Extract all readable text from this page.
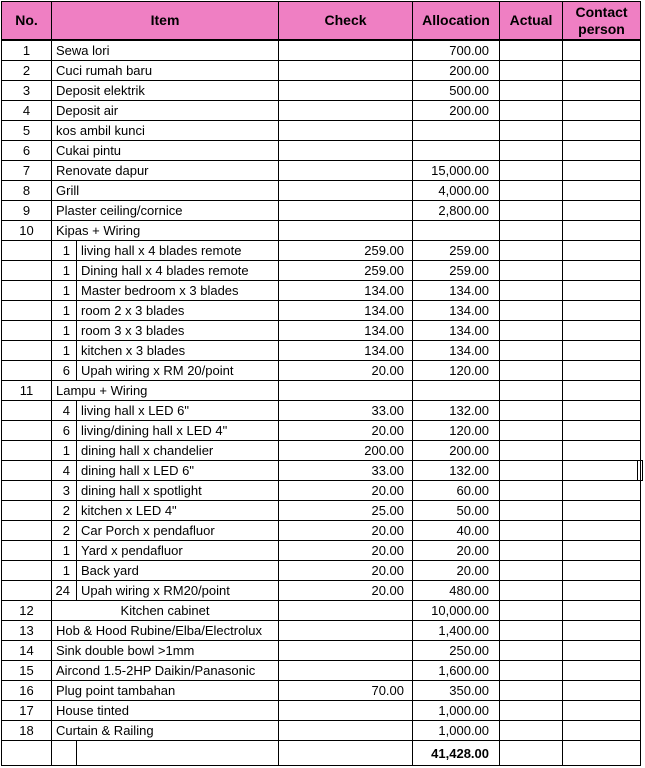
No.	Item		Check	Allocation	Actual	Contact person
1	Sewa lori			700.00		
2	Cuci rumah baru			200.00		
3	Deposit elektrik			500.00		
4	Deposit air			200.00		
5	kos ambil kunci					
6	Cukai pintu					
7	Renovate dapur			15,000.00		
8	Grill			4,000.00		
9	Plaster ceiling/cornice			2,800.00		
10	Kipas + Wiring					
	1	living hall x 4 blades remote	259.00	259.00		
	1	Dining hall x 4 blades remote	259.00	259.00		
	1	Master bedroom x 3 blades	134.00	134.00		
	1	room 2 x 3 blades	134.00	134.00		
	1	room 3 x 3 blades	134.00	134.00		
	1	kitchen x 3 blades	134.00	134.00		
	6	Upah wiring x RM 20/point	20.00	120.00		
11	Lampu + Wiring					
	4	living hall x LED 6"	33.00	132.00		
	6	living/dining hall x LED 4"	20.00	120.00		
	1	dining hall x chandelier	200.00	200.00		
	4	dining hall x LED 6"	33.00	132.00		

	3	dining hall x spotlight	20.00	60.00		
	2	kitchen x LED 4"	25.00	50.00		
	2	Car Porch x pendafluor	20.00	40.00		
	1	Yard x pendafluor	20.00	20.00		
	1	Back yard	20.00	20.00		
	24	Upah wiring x RM20/point	20.00	480.00		
12	Kitchen cabinet			10,000.00		
13	Hob & Hood Rubine/Elba/Electrolux			1,400.00		
14	Sink double bowl >1mm			250.00		
15	Aircond 1.5-2HP Daikin/Panasonic			1,600.00		
16	Plug point tambahan		70.00	350.00		
17	House tinted			1,000.00		
18	Curtain & Railing			1,000.00		
				41,428.00		
